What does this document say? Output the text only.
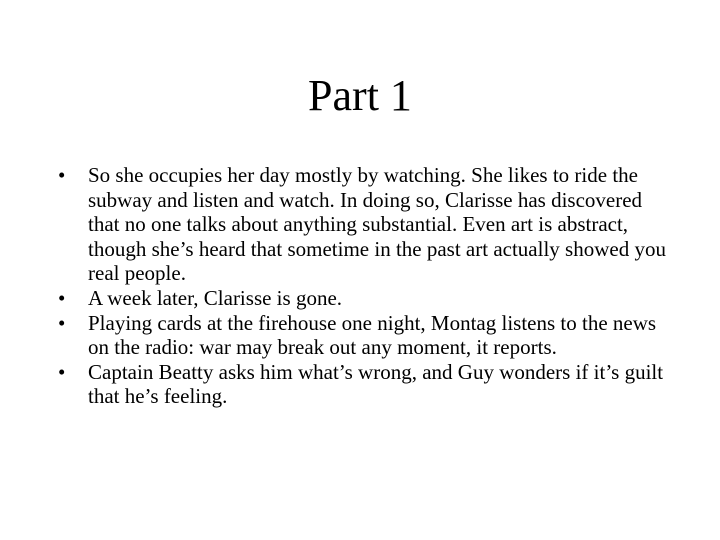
Part 1
•	So she occupies her day mostly by watching. She likes to ride the subway and listen and watch. In doing so, Clarisse has discovered that no one talks about anything substantial. Even art is abstract, though she’s heard that sometime in the past art actually showed you real people.
•	A week later, Clarisse is gone.
•	Playing cards at the firehouse one night, Montag listens to the news on the radio: war may break out any moment, it reports.
•	Captain Beatty asks him what’s wrong, and Guy wonders if it’s guilt that he’s feeling.
